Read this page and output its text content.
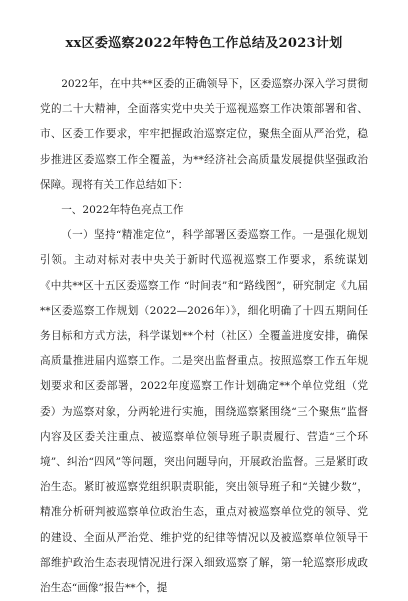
xx区委巡察2022年特色工作总结及2023计划

2022年，在中共**区委的正确领导下，区委巡察办深入学习贯彻党的二十大精神，全面落实党中央关于巡视巡察工作决策部署和省、市、区委工作要求，牢牢把握政治巡察定位，聚焦全面从严治党，稳步推进区委巡察工作全覆盖，为**经济社会高质量发展提供坚强政治保障。现将有关工作总结如下：

一、2022年特色亮点工作

（一）坚持“精准定位”，科学部署区委巡察工作。一是强化规划引领。主动对标对表中央关于新时代巡视巡察工作要求，系统谋划《中共**区十五区委巡察工作 “时间表”和“路线图”，研究制定《九届**区委巡察工作规划（2022—2026年）》，细化明确了十四五期间任务目标和方式方法，科学谋划**个村（社区）全覆盖进度安排，确保高质量推进届内巡察工作。二是突出监督重点。按照巡察工作五年规划要求和区委部署，2022年度巡察工作计划确定**个单位党组（党委）为巡察对象，分两轮进行实施，围绕巡察紧围绕“三个聚焦”监督内容及区委关注重点、被巡察单位领导班子职责履行、营造“三个环境”、纠治“四风”等问题，突出问题导向，开展政治监督。三是紧盯政治生态。紧盯被巡察党组织职责职能，突出领导班子和“关键少数”，精准分析研判被巡察单位政治生态，重点对被巡察单位党的领导、党的建设、全面从严治党、维护党的纪律等情况以及被巡察单位领导干部维护政治生态表现情况进行深入细致巡察了解，第一轮巡察形成政治生态“画像”报告**个，提
